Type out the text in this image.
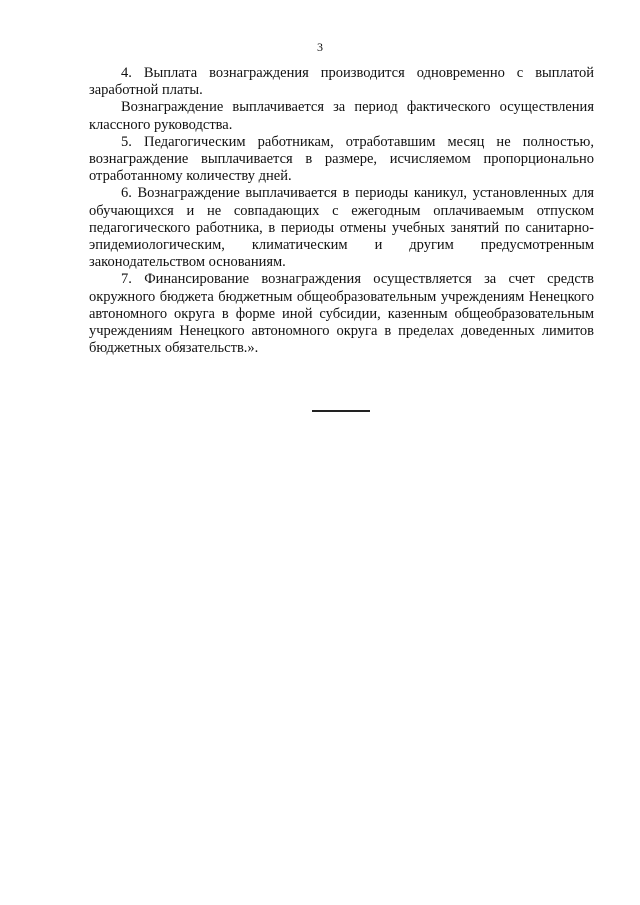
3

4. Выплата вознаграждения производится одновременно с выплатой заработной платы.

Вознаграждение выплачивается за период фактического осуществления классного руководства.

5. Педагогическим работникам, отработавшим месяц не полностью, вознаграждение выплачивается в размере, исчисляемом пропорционально отработанному количеству дней.

6. Вознаграждение выплачивается в периоды каникул, установленных для обучающихся и не совпадающих с ежегодным оплачиваемым отпуском педагогического работника, в периоды отмены учебных занятий по санитарно-эпидемиологическим, климатическим и другим предусмотренным законодательством основаниям.

7. Финансирование вознаграждения осуществляется за счет средств окружного бюджета бюджетным общеобразовательным учреждениям Ненецкого автономного округа в форме иной субсидии, казенным общеобразовательным учреждениям Ненецкого автономного округа в пределах доведенных лимитов бюджетных обязательств.».
